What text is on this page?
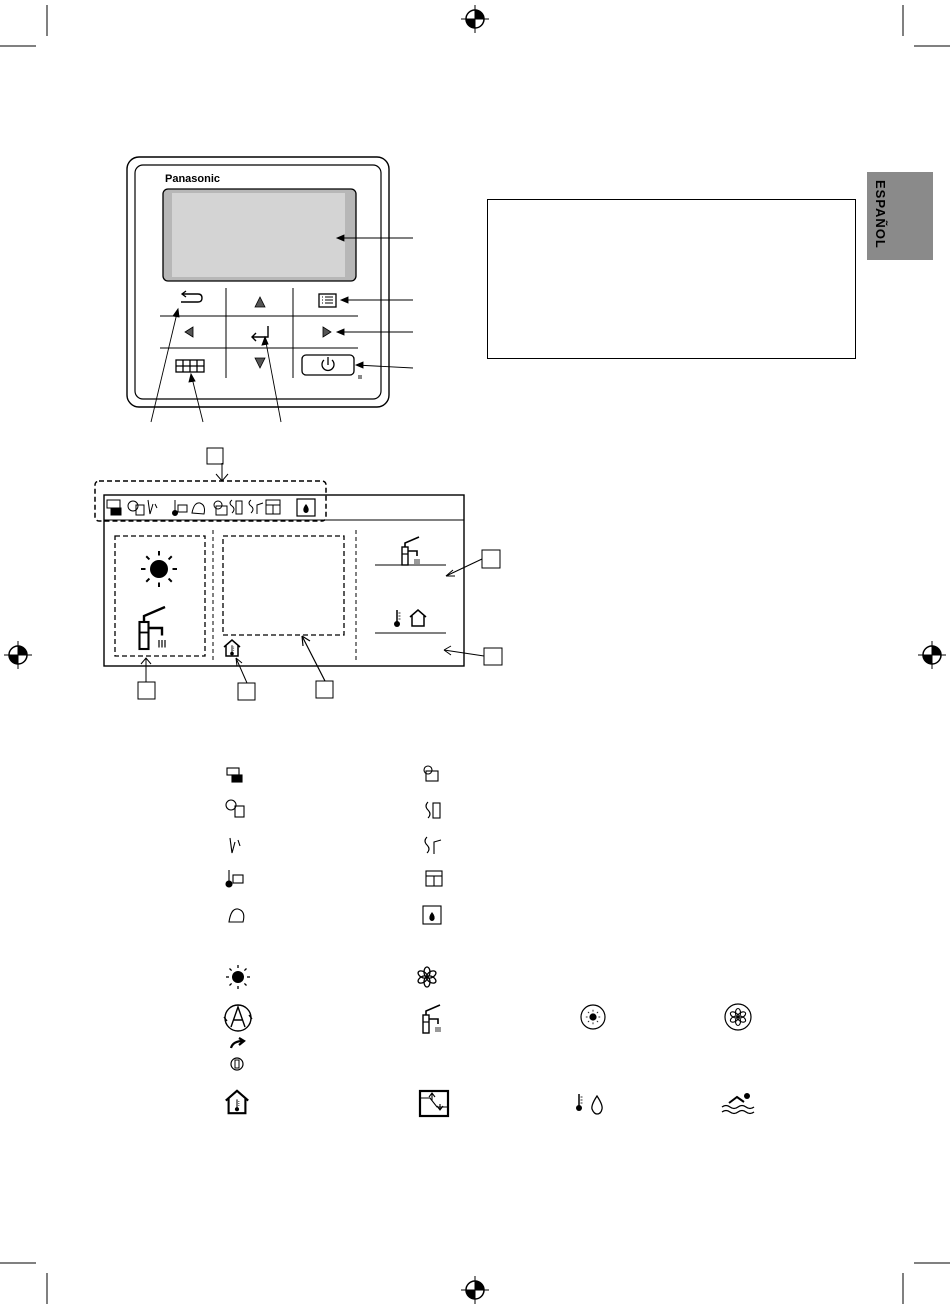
ESPAÑOL
Panasonic
